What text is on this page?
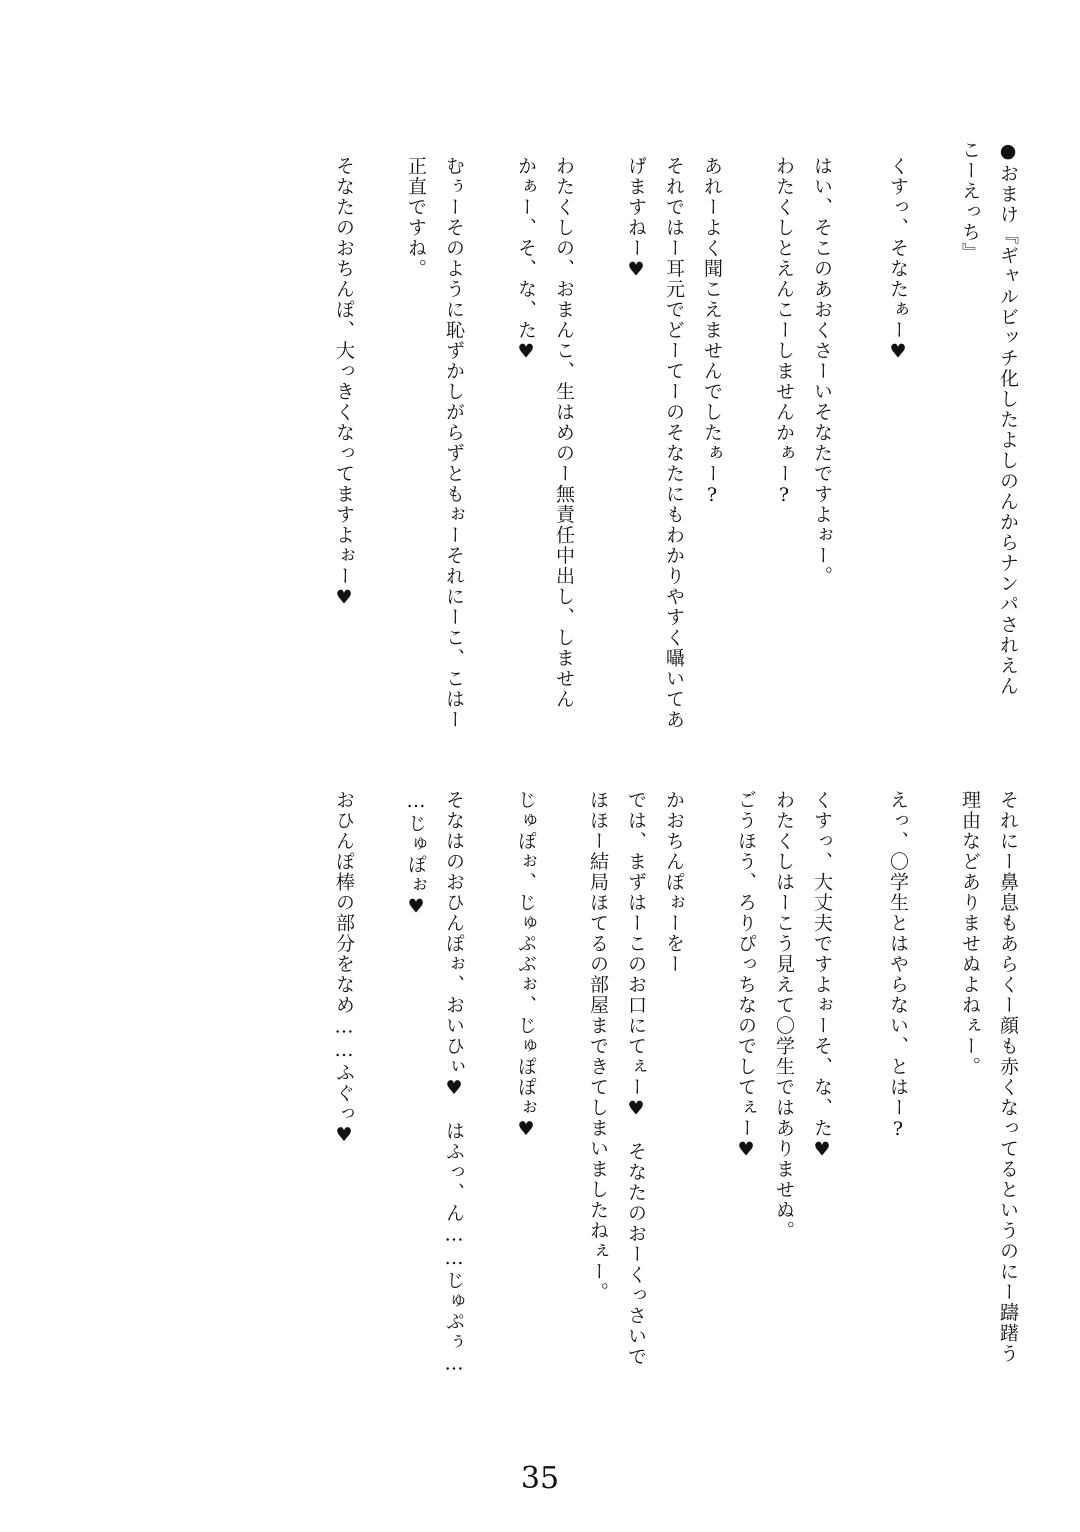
●おまけ『ギャルビッチ化したよしのんからナンパされえん
こーえっち』
くすっ、そなたぁー♥
はい、そこのあおくさーいそなたですよぉー。
わたくしとえんこーしませんかぁー?
あれーよく聞こえませんでしたぁー?
それではー耳元でどーてーのそなたにもわかりやすく囁いてあ
げますねー♥
わたくしの、おまんこ、生はめのー無責任中出し、しません
かぁー、そ、な、た♥
むぅーそのように恥ずかしがらずともぉーそれにーこ、こはー
正直ですね。
そなたのおちんぽ、大っきくなってますよぉー♥
それにー鼻息もあらくー顔も赤くなってるというのにー躊躇う
理由などありませぬよねぇー。
えっ、〇学生とはやらない、とはー?
くすっ、大丈夫ですよぉーそ、な、た♥
わたくしはーこう見えて〇学生ではありませぬ。
ごうほう、ろりぴっちなのでしてぇー♥
かおちんぽぉーをー
では、まずはーこのお口にてぇー♥　そなたのおーくっさいで
ほほー結局ほてるの部屋まできてしまいましたねぇー。
じゅぽぉ、じゅぷぶぉ、じゅぽぽぉ♥
そなはのおひんぽぉ、おいひぃ♥　はふっ、ん……じゅぷぅ…
…じゅぽぉ♥
おひんぽ棒の部分をなめ……ふぐっ♥
35
